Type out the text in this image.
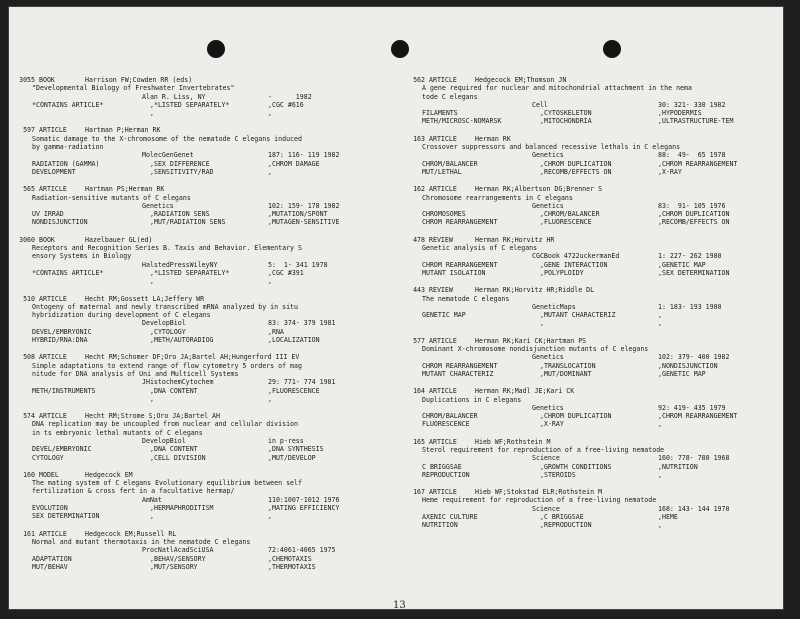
3055 BOOK	Harrison FW;Cowden RR (eds)
"Developmental Biology of Freshwater Invertebrates"
Alan R. Liss, NY	-      1982
*CONTAINS ARTICLE*	,*LISTED SEPARATELY*	,CGC #616
,	,
597 ARTICLE	Hartman P;Herman RK
Somatic damage to the X-chromosome of the nematode C elegans induced
by gamma-radiation
MolecGenGenet	187: 116- 119 1982
RADIATION (GAMMA)	,SEX DIFFERENCE	,CHROM DAMAGE
DEVELOPMENT	,SENSITIVITY/RAD	,
565 ARTICLE	Hartman PS;Herman RK
Radiation-sensitive mutants of C elegans
Genetics	102: 159- 178 1982
UV IRRAD	,RADIATION SENS	,MUTATION/SPONT
NONDISJUNCTION	,MUT/RADIATION SENS	,MUTAGEN-SENSITIVE
3060 BOOK	Hazelbauer GL(ed)
Receptors and Recognition Series B. Taxis and Behavior. Elementary S
ensory Systems in Biology
HalstedPressWileyNY	5:  1- 341 1978
*CONTAINS ARTICLE*	,*LISTED SEPARATELY*	,CGC #391
,	,
510 ARTICLE	Hecht RM;Gossett LA;Jeffery WR
Ontogeny of maternal and newly transcribed mRNA analyzed by in situ
hybridization during development of C elegans
DevelopBiol	83: 374- 379 1981
DEVEL/EMBRYONIC	,CYTOLOGY	,RNA
HYBRID/RNA:DNA	,METH/AUTORADIOG	,LOCALIZATION
508 ARTICLE	Hecht RM;Schomer DF;Oro JA;Bartel AH;Hungerford III EV
Simple adaptations to extend range of flow cytometry 5 orders of mag
nitude for DNA analysis of Uni and Multicell Systems
JHistochemCytochem	29: 771- 774 1981
METH/INSTRUMENTS	,DNA CONTENT	,FLUORESCENCE
,	,
574 ARTICLE	Hecht RM;Strome S;Oro JA;Bartel AH
DNA replication may be uncoupled from nuclear and cellular division
in ts embryonic lethal mutants of C elegans
DevelopBiol	in p-ress
DEVEL/EMBRYONIC	,DNA CONTENT	,DNA SYNTHESIS
CYTOLOGY	,CELL DIVISION	,MUT/DEVELOP
160 MODEL	Hedgecock EM
The mating system of C elegans Evolutionary equilibrium between self
fertilization & cross fert in a facultative hermap/
AmNat	110:1007-1012 1976
EVOLUTION	,HERMAPHRODITISM	,MATING EFFICIENCY
SEX DETERMINATION	,	,
161 ARTICLE	Hedgecock EM;Russell RL
Normal and mutant thermotaxis in the nematode C elegans
ProcNatlAcadSciUSA	72:4061-4065 1975
ADAPTATION	,BEHAV/SENSORY	,CHEMOTAXIS
MUT/BEHAV	,MUT/SENSORY	,THERMOTAXIS
562 ARTICLE	Hedgecock EM;Thomson JN
A gene required for nuclear and mitochondrial attachment in the nema
tode C elegans
Cell	30: 321- 330 1982
FILAMENTS	,CYTOSKELETON	,HYPODERMIS
METH/MICROSC-NOMARSK	,MITOCHONDRIA	,ULTRASTRUCTURE-TEM
163 ARTICLE	Herman RK
Crossover suppressors and balanced recessive lethals in C elegans
Genetics	88:  49-  65 1978
CHROM/BALANCER	,CHROM DUPLICATION	,CHROM REARRANGEMENT
MUT/LETHAL	,RECOMB/EFFECTS ON	,X-RAY
162 ARTICLE	Herman RK;Albertson DG;Brenner S
Chromosome rearrangements in C elegans
Genetics	83:  91- 105 1976
CHROMOSOMES	,CHROM/BALANCER	,CHROM DUPLICATION
CHROM REARRANGEMENT	,FLUORESCENCE	,RECOMB/EFFECTS ON
478 REVIEW	Herman RK;Horvitz HR
Genetic analysis of C elegans
CGCBook 4722uckermanEd	1: 227- 262 1980
CHROM REARRANGEMENT	,GENE INTERACTION	,GENETIC MAP
MUTANT ISOLATION	,POLYPLOIDY	,SEX DETERMINATION
443 REVIEW	Herman RK;Horvitz HR;Riddle DL
The nematode C elegans
GeneticMaps	1: 183- 193 1980
GENETIC MAP	,MUTANT CHARACTERIZ	,
,	,
577 ARTICLE	Herman RK;Kari CK;Hartman PS
Dominant X-chromosome nondisjunction mutants of C elegans
Genetics	102: 379- 400 1982
CHROM REARRANGEMENT	,TRANSLOCATION	,NONDISJUNCTION
MUTANT CHARACTERIZ	,MUT/DOMINANT	,GENETIC MAP
164 ARTICLE	Herman RK;Madl JE;Kari CK
Duplications in C elegans
Genetics	92: 419- 435 1979
CHROM/BALANCER	,CHROM DUPLICATION	,CHROM REARRANGEMENT
FLUORESCENCE	,X-RAY	,
165 ARTICLE	Hieb WF;Rothstein M
Sterol requirement for reproduction of a free-living nematode
Science	160: 778- 780 1968
C BRIGGSAE	,GROWTH CONDITIONS	,NUTRITION
REPRODUCTION	,STEROIDS	,
167 ARTICLE	Hieb WF;Stokstad ELR;Rothstein M
Heme requirement for reproduction of a free-living nematode
Science	168: 143- 144 1970
AXENIC CULTURE	,C BRIGGSAE	,HEME
NUTRITION	,REPRODUCTION	,
13
